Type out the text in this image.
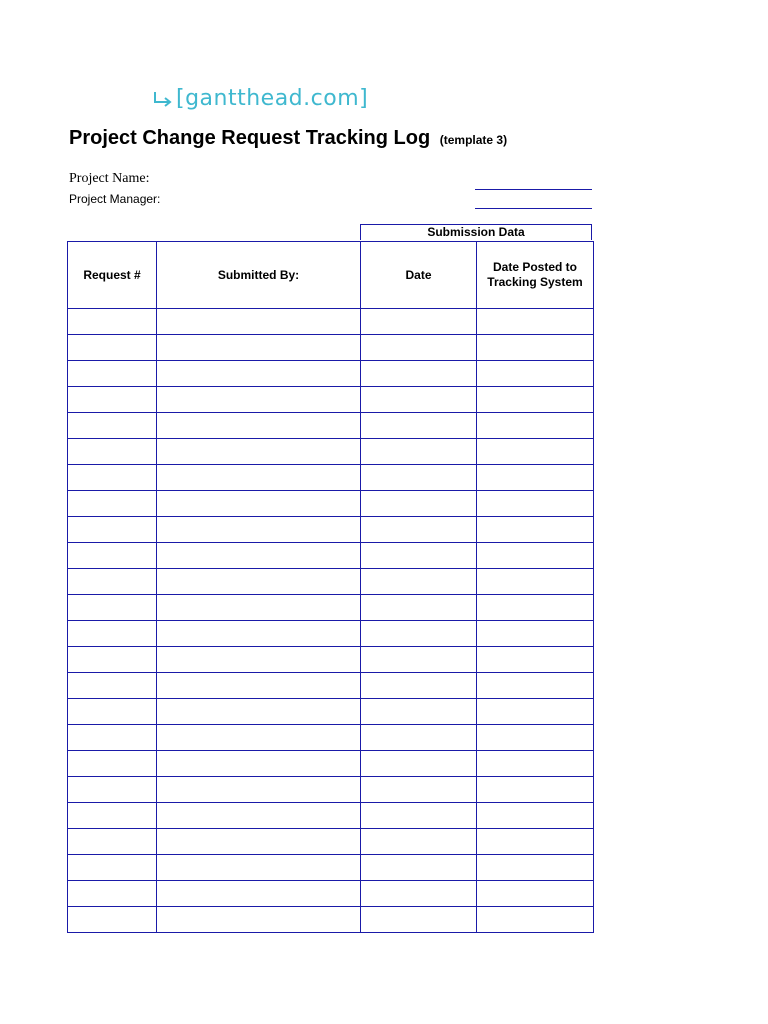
[gantthead.com]
Project Change Request Tracking Log (template 3)
Project Name:
Project Manager:
Submission Data
Request #	Submitted By:	Date	Date Posted to Tracking System
